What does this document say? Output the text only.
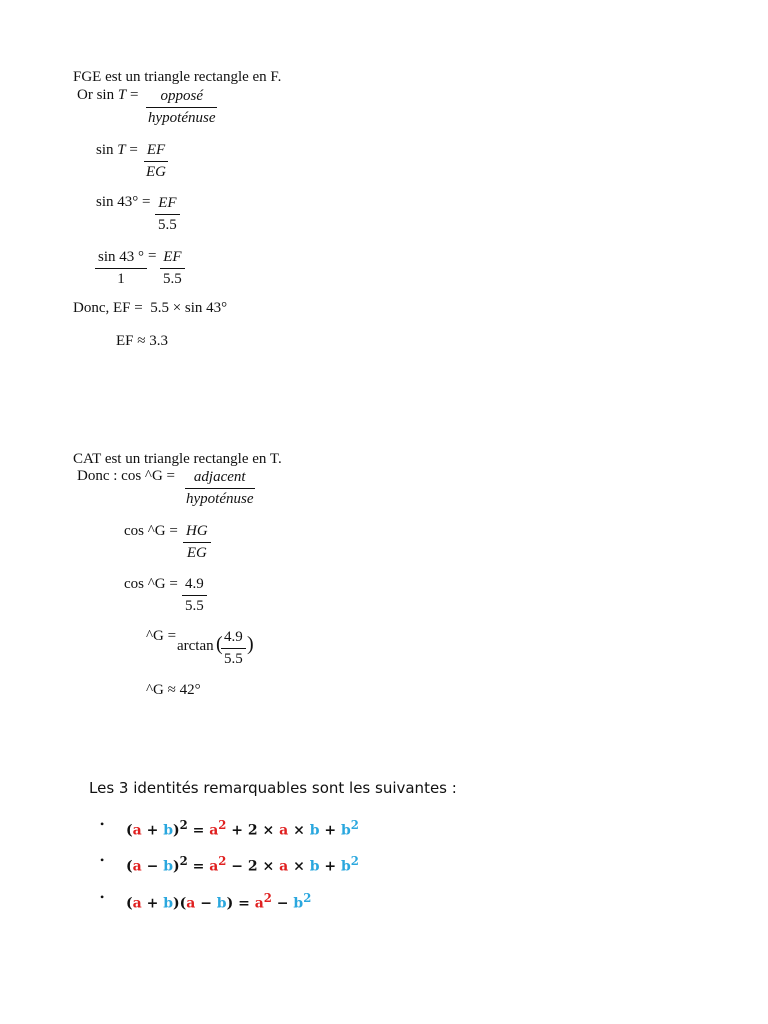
FGE est un triangle rectangle en F.
Or sin T =	opposé
hypoténuse
$\sin T = \frac{EF}{EG}$
$\sin 43^\circ = \frac{EF}{5.5}$
$\frac{\sin 43 ^\circ}{1} = \frac{EF}{5.5}$
Donc, EF =  5.5 × sin 43°
EF ≈ 3.3
CAT est un triangle rectangle en T.
Donc : cos ^G =	adjacent
hypoténuse
cos ^G = $\frac{HG}{EG}$
cos ^G = $\frac{4.9}{5.5}$
^G =
arctan (
$\frac{4.9}{5.5}$ )
^G ≈ 42°
Les 3 identités remarquables sont les suivantes :
• $(a + b)^2 = a^2 + 2 \times a \times b + b^2$
• $(a - b)^2 = a^2 - 2 \times a \times b + b^2$
• $(a + b)(a - b) = a^2 - b^2$
